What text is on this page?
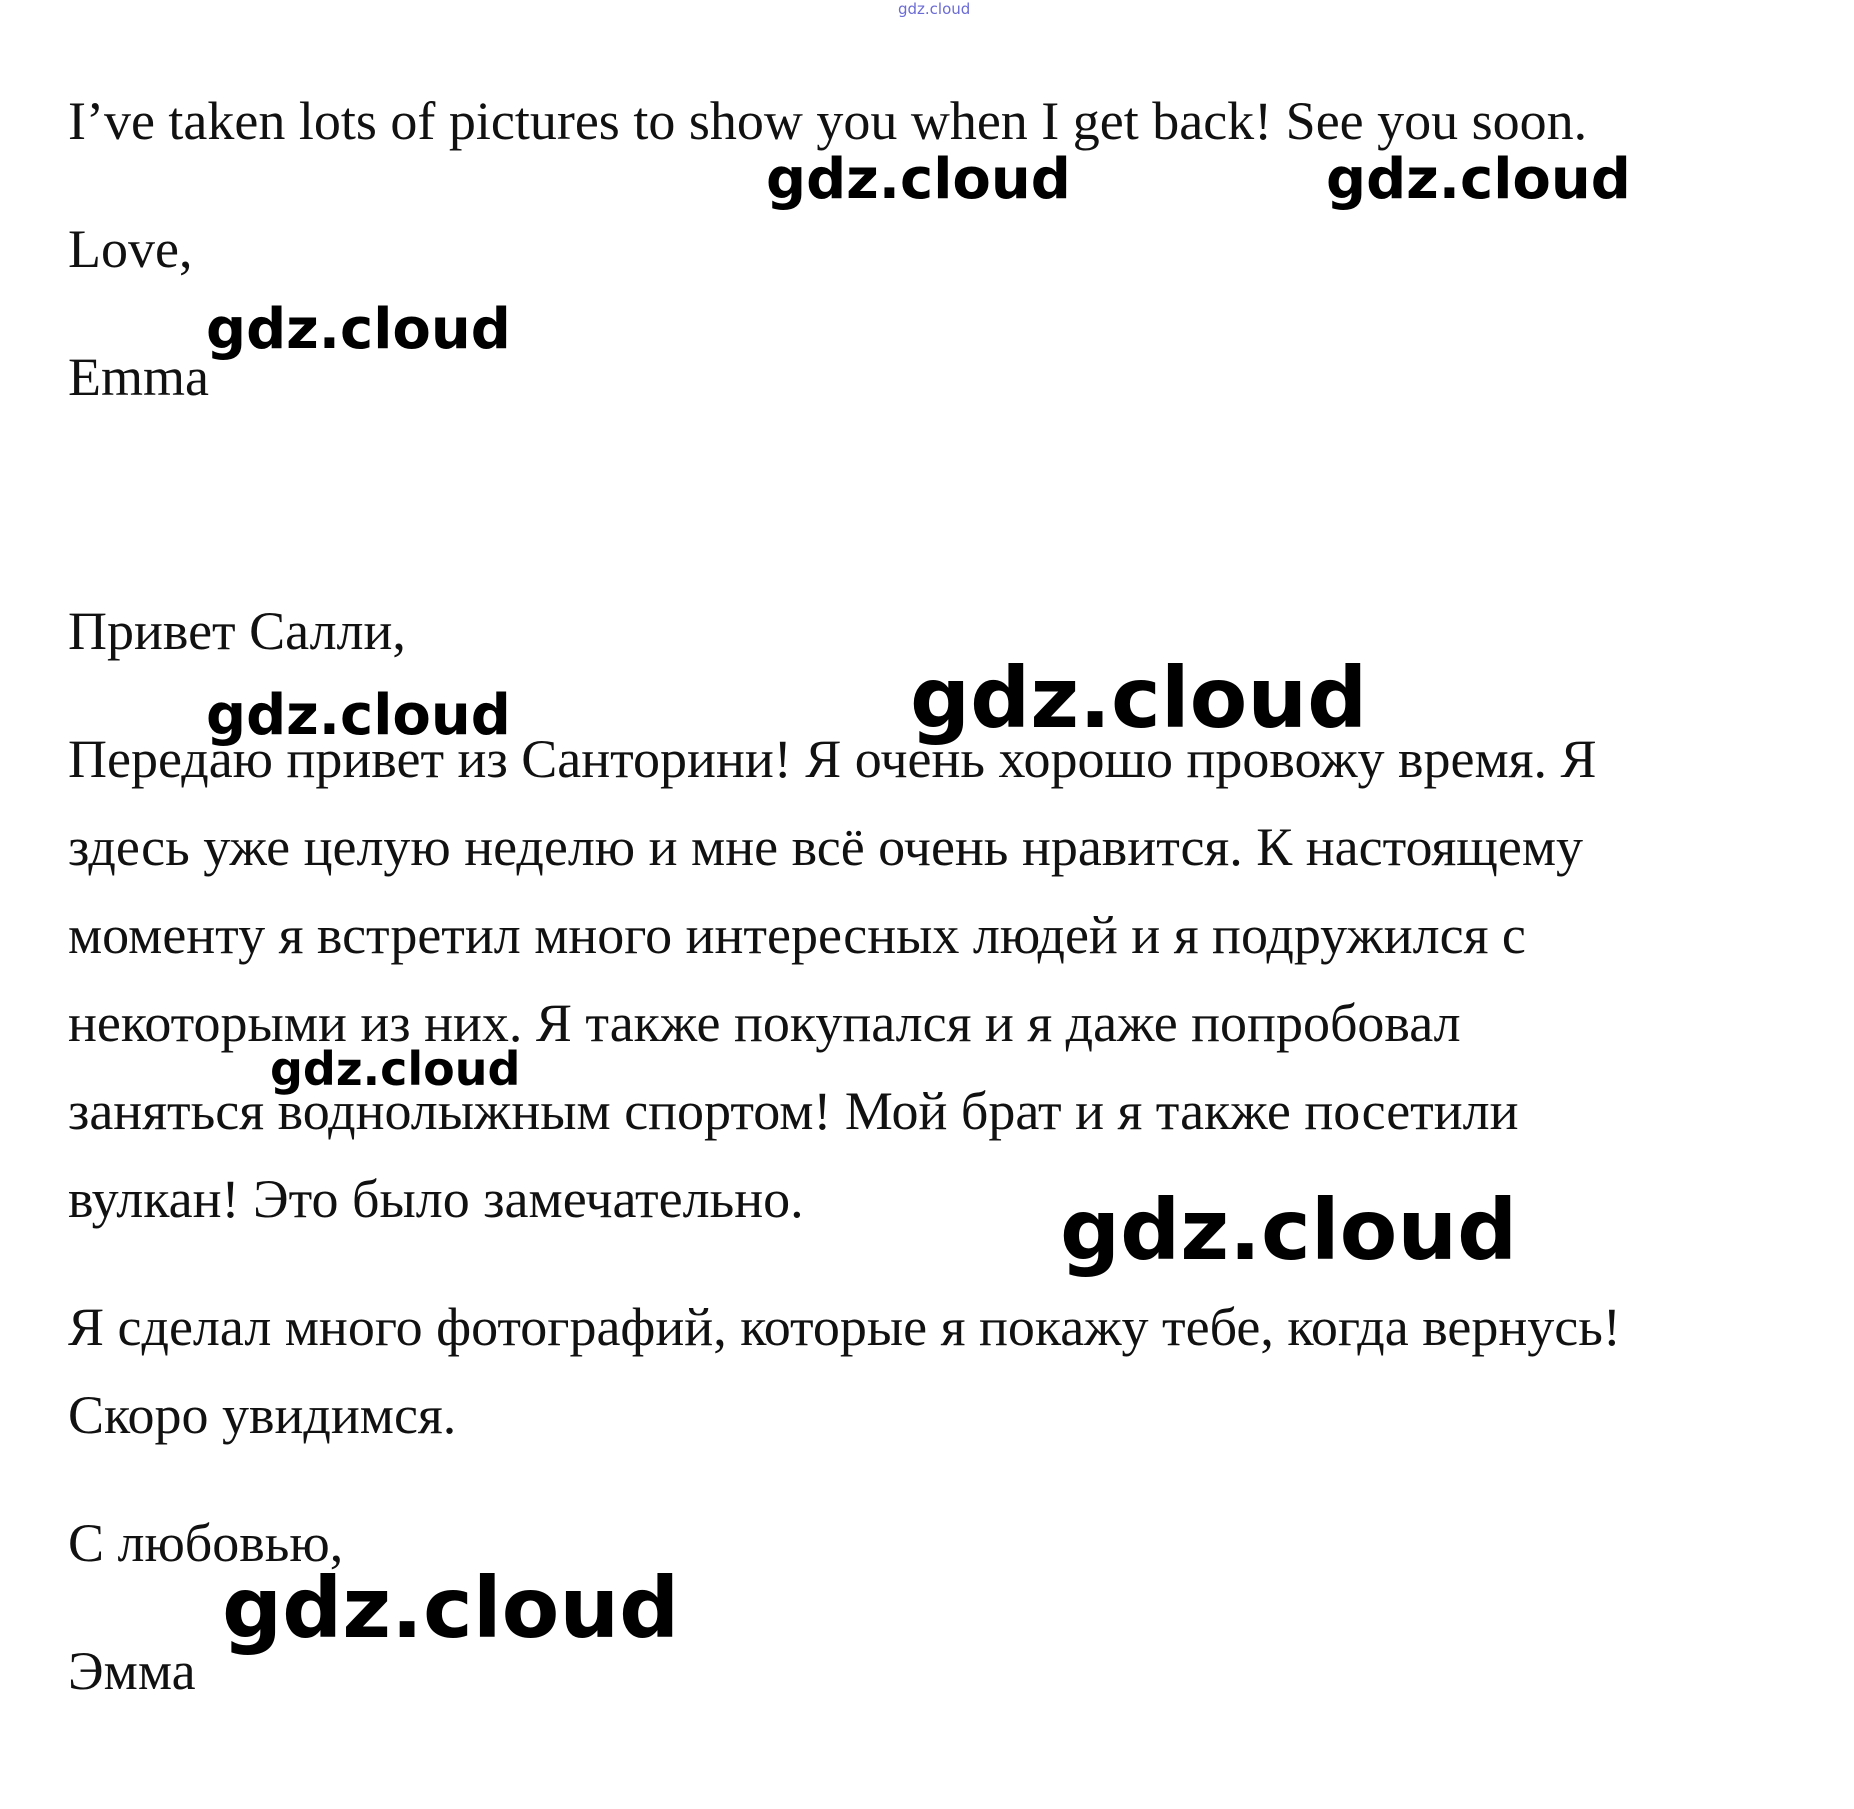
gdz.cloud

I’ve taken lots of pictures to show you when I get back! See you soon.

Love,

Emma

Привет Салли,

Передаю привет из Санторини! Я очень хорошо провожу время. Я

здесь уже целую неделю и мне всё очень нравится. К настоящему

моменту я встретил много интересных людей и я подружился с

некоторыми из них. Я также покупался и я даже попробовал

заняться воднолыжным спортом! Мой брат и я также посетили

вулкан! Это было замечательно.

Я сделал много фотографий, которые я покажу тебе, когда вернусь!

Скоро увидимся.

С любовью,

Эмма

gdz.cloud	gdz.cloud
gdz.cloud
gdz.cloud	gdz.cloud
gdz.cloud
gdz.cloud
gdz.cloud
